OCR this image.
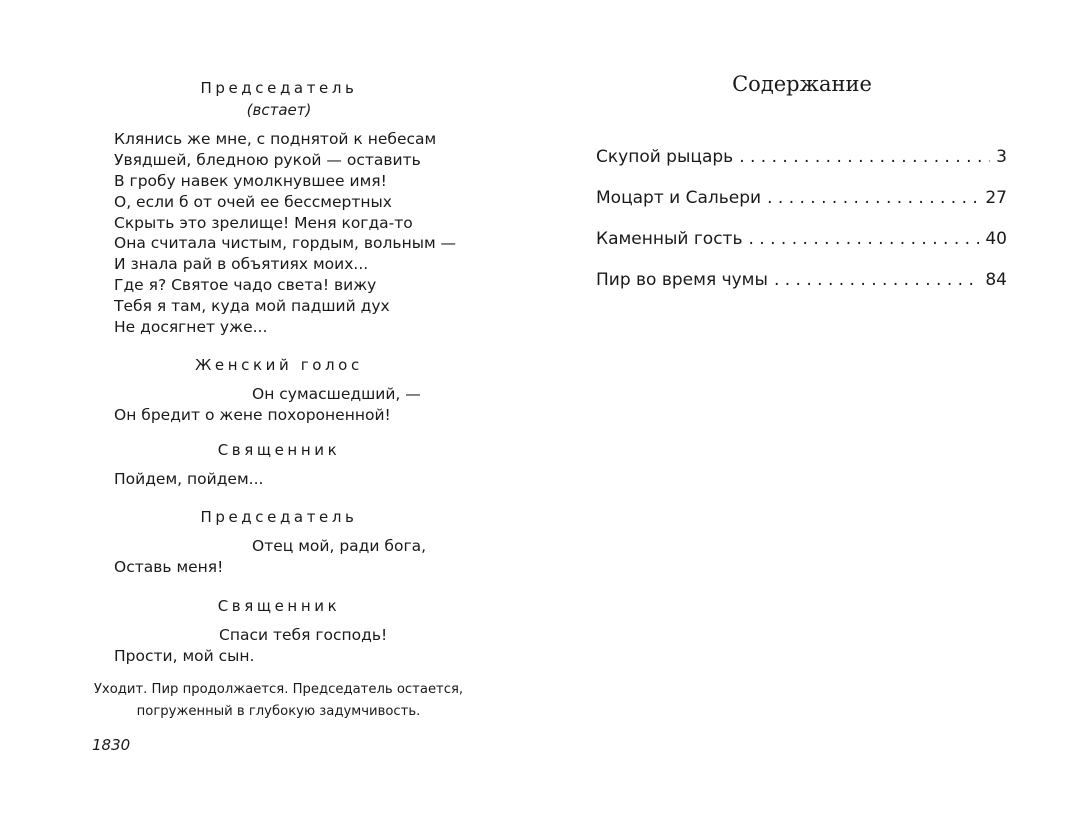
Председатель
(встает)
Клянись же мне, с поднятой к небесам
Увядшей, бледною рукой — оставить
В гробу навек умолкнувшее имя!
О, если б от очей ее бессмертных
Скрыть это зрелище! Меня когда-то
Она считала чистым, гордым, вольным —
И знала рай в объятиях моих...
Где я? Святое чадо света! вижу
Тебя я там, куда мой падший дух
Не досягнет уже...
Женский голос
Он сумасшедший, —
Он бредит о жене похороненной!
Священник
Пойдем, пойдем...
Председатель
Отец мой, ради бога,
Оставь меня!
Священник
Спаси тебя господь!
Прости, мой сын.
Уходит. Пир продолжается. Председатель остается,
погруженный в глубокую задумчивость.
1830
Содержание
Скупой рыцарь . . .	3
Моцарт и Сальери . . .	27
Каменный гость . . .	40
Пир во время чумы . . .	84
